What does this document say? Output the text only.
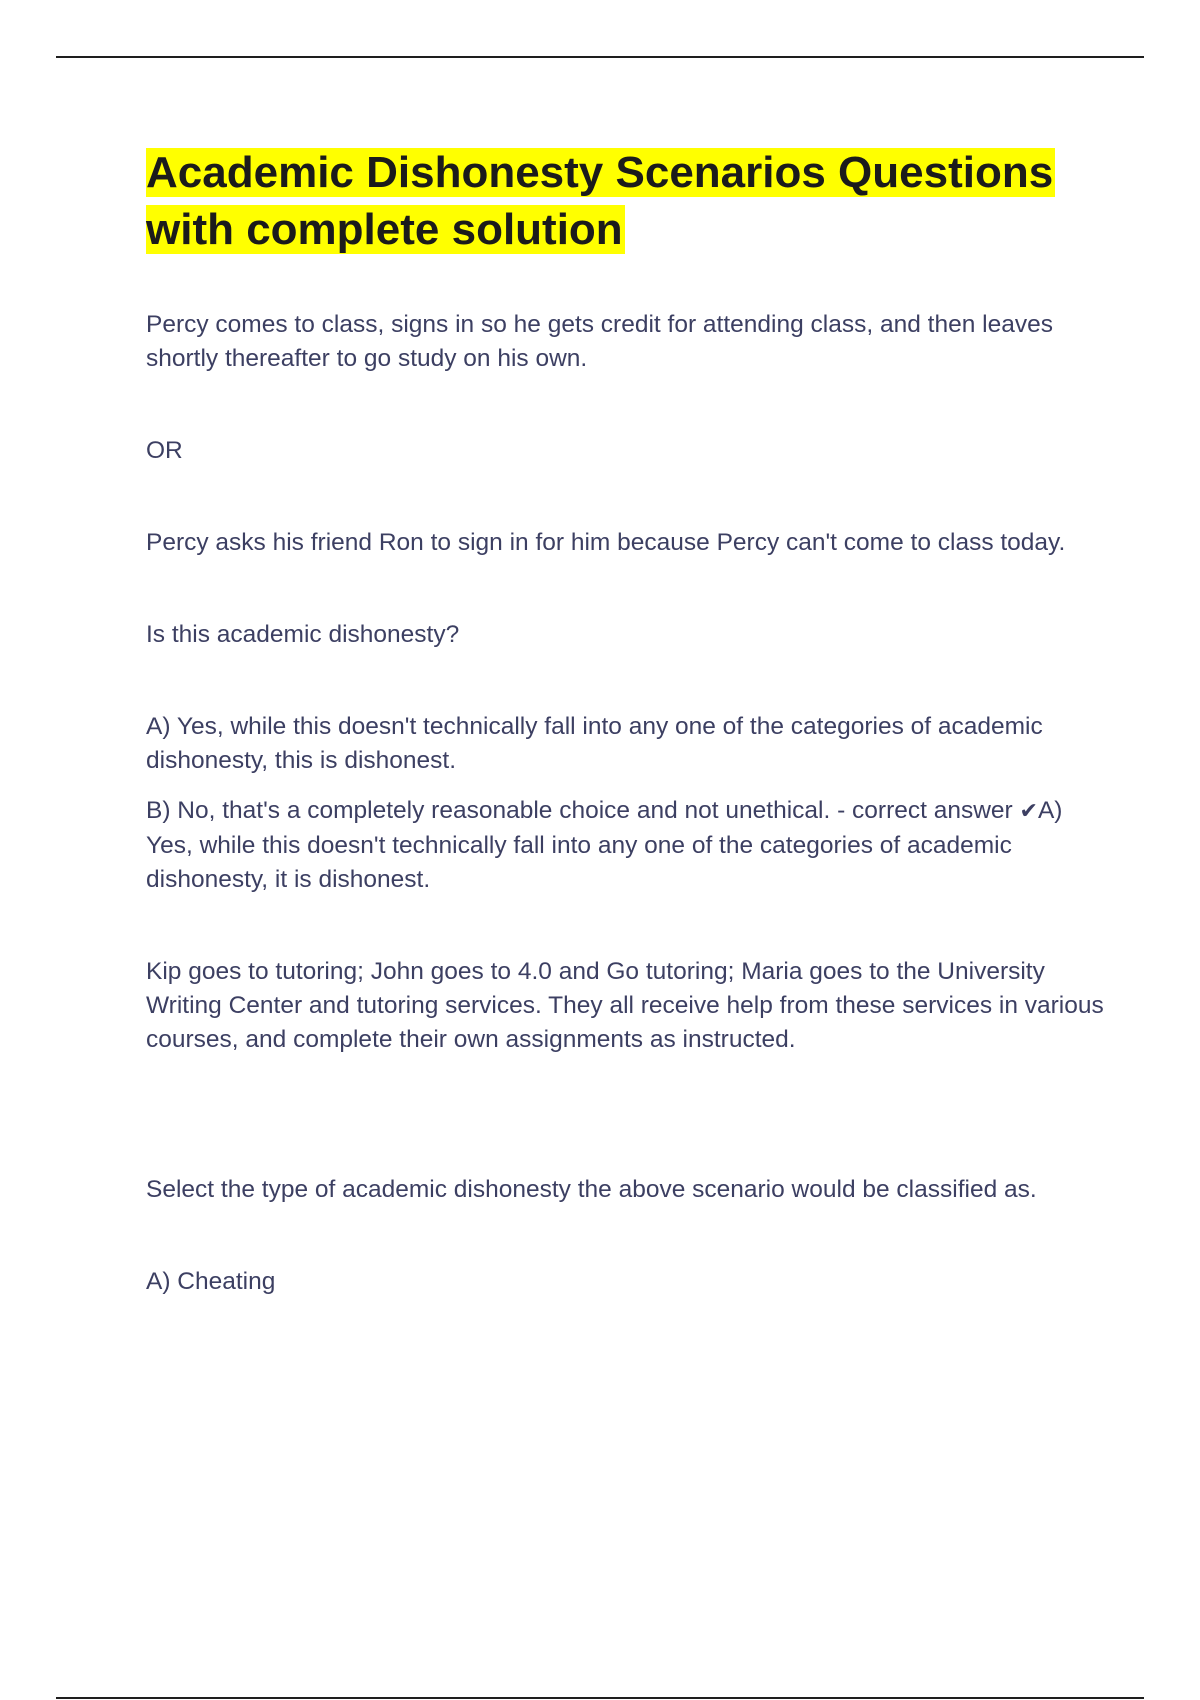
Academic Dishonesty Scenarios Questions with complete solution

Percy comes to class, signs in so he gets credit for attending class, and then leaves shortly thereafter to go study on his own.

OR

Percy asks his friend Ron to sign in for him because Percy can't come to class today.

Is this academic dishonesty?

A) Yes, while this doesn't technically fall into any one of the categories of academic dishonesty, this is dishonest.

B) No, that's a completely reasonable choice and not unethical. - correct answer ✔A) Yes, while this doesn't technically fall into any one of the categories of academic dishonesty, it is dishonest.

Kip goes to tutoring; John goes to 4.0 and Go tutoring; Maria goes to the University Writing Center and tutoring services. They all receive help from these services in various courses, and complete their own assignments as instructed.

Select the type of academic dishonesty the above scenario would be classified as.

A) Cheating
